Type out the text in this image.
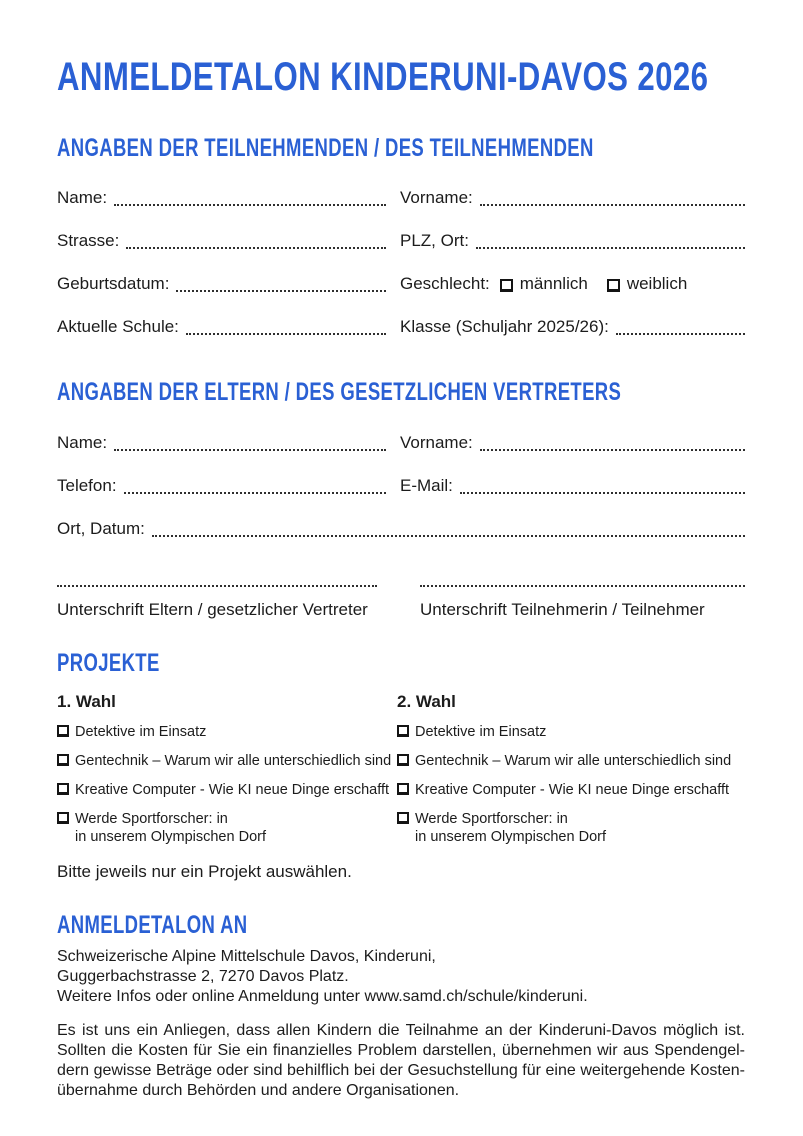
ANMELDETALON KINDERUNI-DAVOS 2026
ANGABEN DER TEILNEHMENDEN / DES TEILNEHMENDEN
Name:	Vorname:
Strasse:	PLZ, Ort:
Geburtsdatum:	Geschlecht: männlich weiblich
Aktuelle Schule:	Klasse (Schuljahr 2025/26):
ANGABEN DER ELTERN / DES GESETZLICHEN VERTRETERS
Name:	Vorname:
Telefon:	E-Mail:
Ort, Datum:
Unterschrift Eltern / gesetzlicher Vertreter	Unterschrift Teilnehmerin / Teilnehmer
PROJEKTE
1. Wahl
Detektive im Einsatz
Gentechnik – Warum wir alle unterschiedlich sind
Kreative Computer - Wie KI neue Dinge erschafft
Werde Sportforscher: in
in unserem Olympischen Dorf
2. Wahl
Detektive im Einsatz
Gentechnik – Warum wir alle unterschiedlich sind
Kreative Computer - Wie KI neue Dinge erschafft
Werde Sportforscher: in
in unserem Olympischen Dorf
Bitte jeweils nur ein Projekt auswählen.
ANMELDETALON AN
Schweizerische Alpine Mittelschule Davos, Kinderuni,
Guggerbachstrasse 2, 7270 Davos Platz.
Weitere Infos oder online Anmeldung unter www.samd.ch/schule/kinderuni.
Es ist uns ein Anliegen, dass allen Kindern die Teilnahme an der Kinderuni-Davos möglich ist.
Sollten die Kosten für Sie ein finanzielles Problem darstellen, übernehmen wir aus Spendengel-
dern gewisse Beträge oder sind behilflich bei der Gesuchstellung für eine weitergehende Kosten-
übernahme durch Behörden und andere Organisationen.
